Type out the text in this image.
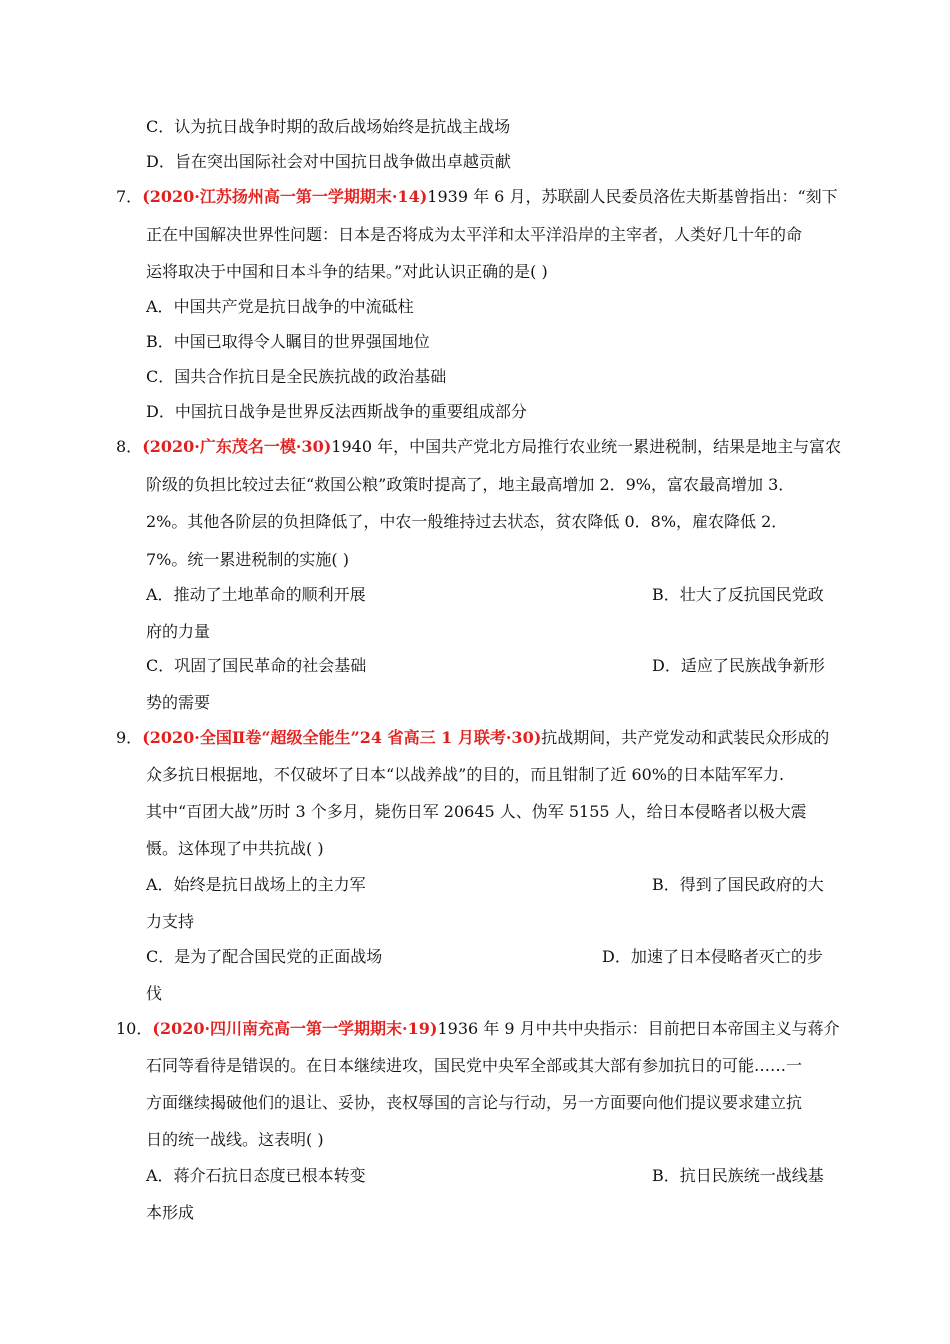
C．认为抗日战争时期的敌后战场始终是抗战主战场
D．旨在突出国际社会对中国抗日战争做出卓越贡献
7．(2020·江苏扬州高一第一学期期末·14)1939 年 6 月，苏联副人民委员洛佐夫斯基曾指出：“刻下
正在中国解决世界性问题：日本是否将成为太平洋和太平洋沿岸的主宰者，人类好几十年的命
运将取决于中国和日本斗争的结果。”对此认识正确的是( )
A．中国共产党是抗日战争的中流砥柱
B．中国已取得令人瞩目的世界强国地位
C．国共合作抗日是全民族抗战的政治基础
D．中国抗日战争是世界反法西斯战争的重要组成部分
8．(2020·广东茂名一模·30)1940 年，中国共产党北方局推行农业统一累进税制，结果是地主与富农
阶级的负担比较过去征“救国公粮”政策时提高了，地主最高增加 2．9%，富农最高增加 3．
2%。其他各阶层的负担降低了，中农一般维持过去状态，贫农降低 0．8%，雇农降低 2．
7%。统一累进税制的实施( )
A．推动了土地革命的顺利开展	B．壮大了反抗国民党政
府的力量
C．巩固了国民革命的社会基础	D．适应了民族战争新形
势的需要
9．(2020·全国Ⅱ卷“超级全能生”24 省高三 1 月联考·30)抗战期间，共产党发动和武装民众形成的
众多抗日根据地，不仅破坏了日本“以战养战”的目的，而且钳制了近 60%的日本陆军军力.
其中“百团大战”历时 3 个多月，毙伤日军 20645 人、伪军 5155 人，给日本侵略者以极大震
慑。这体现了中共抗战( )
A．始终是抗日战场上的主力军	B．得到了国民政府的大
力支持
C．是为了配合国民党的正面战场	D．加速了日本侵略者灭亡的步
伐
10．(2020·四川南充高一第一学期期末·19)1936 年 9 月中共中央指示：目前把日本帝国主义与蒋介
石同等看待是错误的。在日本继续进攻，国民党中央军全部或其大部有参加抗日的可能……一
方面继续揭破他们的退让、妥协，丧权辱国的言论与行动，另一方面要向他们提议要求建立抗
日的统一战线。这表明( )
A．蒋介石抗日态度已根本转变	B．抗日民族统一战线基
本形成
